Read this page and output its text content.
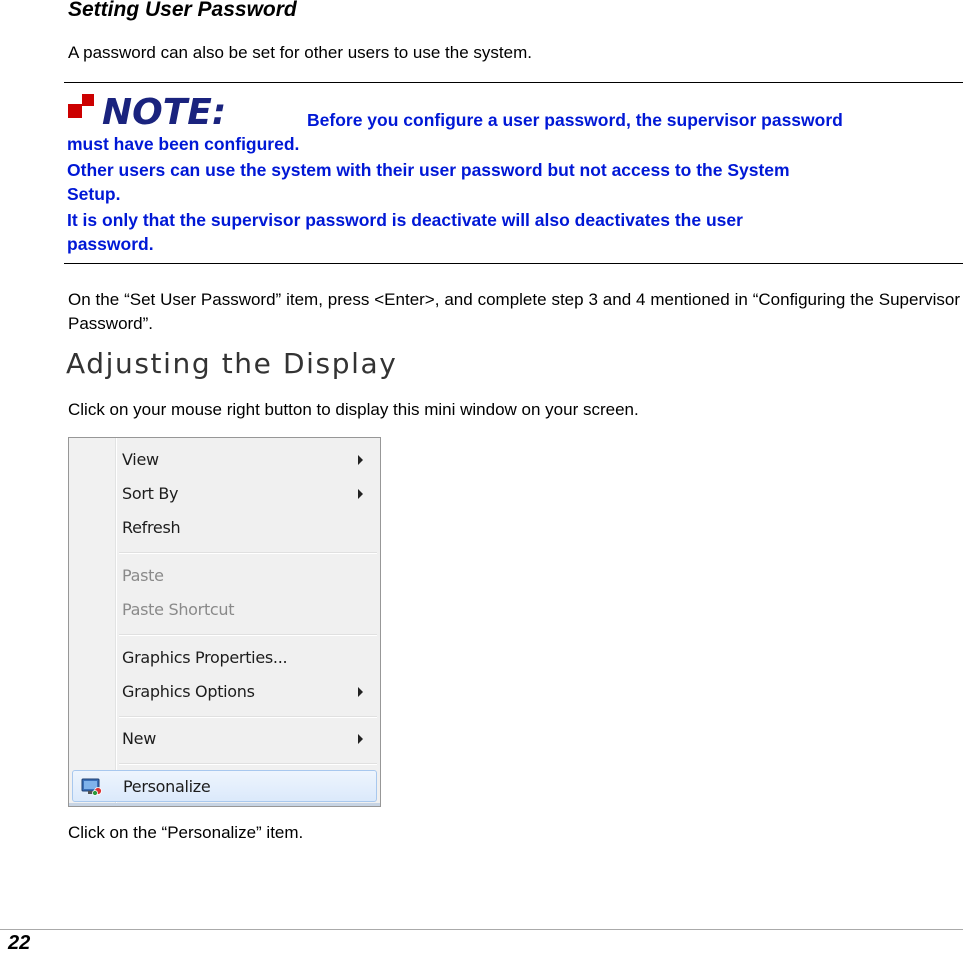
Setting User Password
A password can also be set for other users to use the system.
NOTE:	Before you configure a user password, the supervisor password
must have been configured.
Other users can use the system with their user password but not access to the System
Setup.
It is only that the supervisor password is deactivate will also deactivates the user
password.
On the “Set User Password” item, press <Enter>, and complete step 3 and 4 mentioned in “Configuring the Supervisor Password”.
Adjusting the Display
Click on your mouse right button to display this mini window on your screen.
View
Sort By
Refresh
Paste
Paste Shortcut
Graphics Properties...
Graphics Options
New
Personalize
Click on the “Personalize” item.
22
